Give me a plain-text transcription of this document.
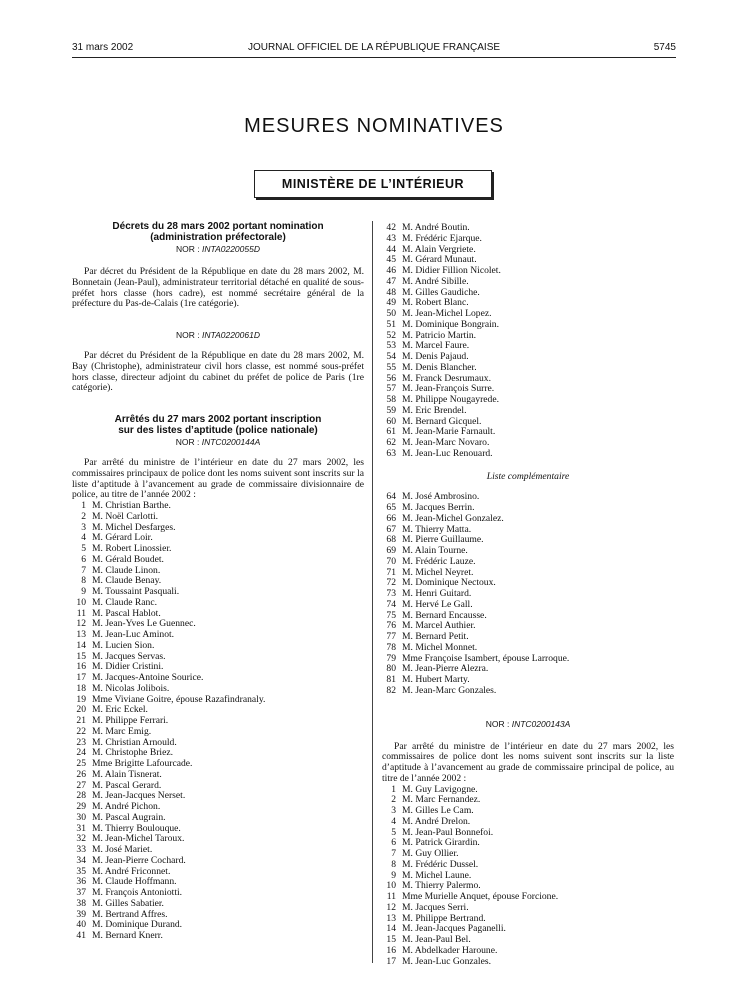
31 mars 2002	JOURNAL OFFICIEL DE LA RÉPUBLIQUE FRANÇAISE	5745
MESURES NOMINATIVES
MINISTÈRE DE L’INTÉRIEUR
Décrets du 28 mars 2002 portant nomination
(administration préfectorale)
NOR : INTA0220055D

Par décret du Président de la République en date du 28 mars 2002, M. Bonnetain (Jean-Paul), administrateur territorial détaché en qualité de sous-préfet hors classe (hors cadre), est nommé secrétaire général de la préfecture du Pas-de-Calais (1re catégorie).

NOR : INTA0220061D

Par décret du Président de la République en date du 28 mars 2002, M. Bay (Christophe), administrateur civil hors classe, est nommé sous-préfet hors classe, directeur adjoint du cabinet du préfet de police de Paris (1re catégorie).

Arrêtés du 27 mars 2002 portant inscription
sur des listes d’aptitude (police nationale)
NOR : INTC0200144A

Par arrêté du ministre de l’intérieur en date du 27 mars 2002, les commissaires principaux de police dont les noms suivent sont inscrits sur la liste d’aptitude à l’avancement au grade de commissaire divisionnaire de police, au titre de l’année 2002 :

1 M. Christian Barthe.
2 M. Noël Carlotti.
3 M. Michel Desfarges.
4 M. Gérard Loir.
5 M. Robert Linossier.
6 M. Gérald Boudet.
7 M. Claude Linon.
8 M. Claude Benay.
9 M. Toussaint Pasquali.
10 M. Claude Ranc.
11 M. Pascal Hablot.
12 M. Jean-Yves Le Guennec.
13 M. Jean-Luc Aminot.
14 M. Lucien Sion.
15 M. Jacques Servas.
16 M. Didier Cristini.
17 M. Jacques-Antoine Sourice.
18 M. Nicolas Jolibois.
19 Mme Viviane Goitre, épouse Razafindranaly.
20 M. Eric Eckel.
21 M. Philippe Ferrari.
22 M. Marc Emig.
23 M. Christian Arnould.
24 M. Christophe Briez.
25 Mme Brigitte Lafourcade.
26 M. Alain Tisnerat.
27 M. Pascal Gerard.
28 M. Jean-Jacques Nerset.
29 M. André Pichon.
30 M. Pascal Augrain.
31 M. Thierry Boulouque.
32 M. Jean-Michel Taroux.
33 M. José Mariet.
34 M. Jean-Pierre Cochard.
35 M. André Friconnet.
36 M. Claude Hoffmann.
37 M. François Antoniotti.
38 M. Gilles Sabatier.
39 M. Bertrand Affres.
40 M. Dominique Durand.
41 M. Bernard Knerr.
42 M. André Boutin.
43 M. Frédéric Ejarque.
44 M. Alain Vergriete.
45 M. Gérard Munaut.
46 M. Didier Fillion Nicolet.
47 M. André Sibille.
48 M. Gilles Gaudiche.
49 M. Robert Blanc.
50 M. Jean-Michel Lopez.
51 M. Dominique Bongrain.
52 M. Patricio Martin.
53 M. Marcel Faure.
54 M. Denis Pajaud.
55 M. Denis Blancher.
56 M. Franck Desrumaux.
57 M. Jean-François Surre.
58 M. Philippe Nougayrede.
59 M. Eric Brendel.
60 M. Bernard Gicquel.
61 M. Jean-Marie Farnault.
62 M. Jean-Marc Novaro.
63 M. Jean-Luc Renouard.
Liste complémentaire
64 M. José Ambrosino.
65 M. Jacques Berrin.
66 M. Jean-Michel Gonzalez.
67 M. Thierry Matta.
68 M. Pierre Guillaume.
69 M. Alain Tourne.
70 M. Frédéric Lauze.
71 M. Michel Neyret.
72 M. Dominique Nectoux.
73 M. Henri Guitard.
74 M. Hervé Le Gall.
75 M. Bernard Encausse.
76 M. Marcel Authier.
77 M. Bernard Petit.
78 M. Michel Monnet.
79 Mme Françoise Isambert, épouse Larroque.
80 M. Jean-Pierre Alezra.
81 M. Hubert Marty.
82 M. Jean-Marc Gonzales.
NOR : INTC0200143A

Par arrêté du ministre de l’intérieur en date du 27 mars 2002, les commissaires de police dont les noms suivent sont inscrits sur la liste d’aptitude à l’avancement au grade de commissaire principal de police, au titre de l’année 2002 :

1 M. Guy Lavigogne.
2 M. Marc Fernandez.
3 M. Gilles Le Cam.
4 M. André Drelon.
5 M. Jean-Paul Bonnefoi.
6 M. Patrick Girardin.
7 M. Guy Ollier.
8 M. Frédéric Dussel.
9 M. Michel Laune.
10 M. Thierry Palermo.
11 Mme Murielle Anquet, épouse Forcione.
12 M. Jacques Serri.
13 M. Philippe Bertrand.
14 M. Jean-Jacques Paganelli.
15 M. Jean-Paul Bel.
16 M. Abdelkader Haroune.
17 M. Jean-Luc Gonzales.
